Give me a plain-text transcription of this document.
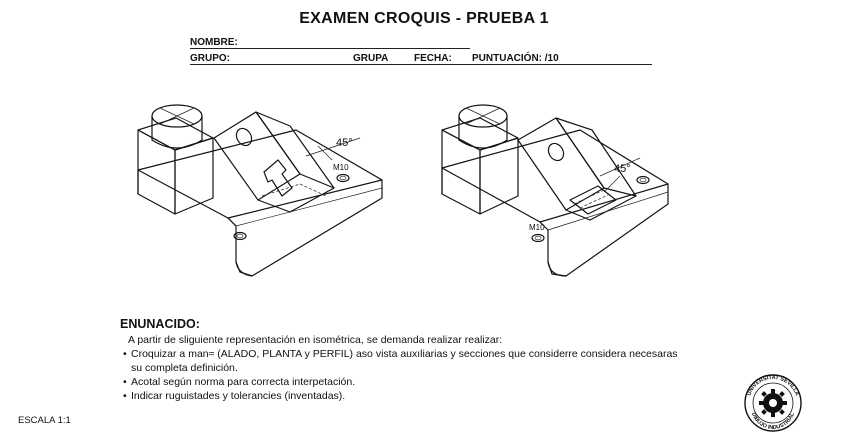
EXAMEN CROQUIS - PRUEBA 1
NOMBRE:
GRUPO:	GRUPA	FECHA: PUNTUACIÓN: /10
45°
M10	45°
M10
UNIVERSITAT SEVILLA
DIBUJO INDUSTRIAL
ENUNACIDO:
A partir de sliguiente representación en isométrica, se demanda realizar realizar:
• Croquizar a man≈ (ALADO, PLANTA y PERFIL) aso vista auxıliarias y secciones que considerre considera necesaras
su completa definición.
• Acotal según norma para correcta interpetación.
• Indicar ruguistades y tolerancies (inventadas).
ESCALA 1:1
